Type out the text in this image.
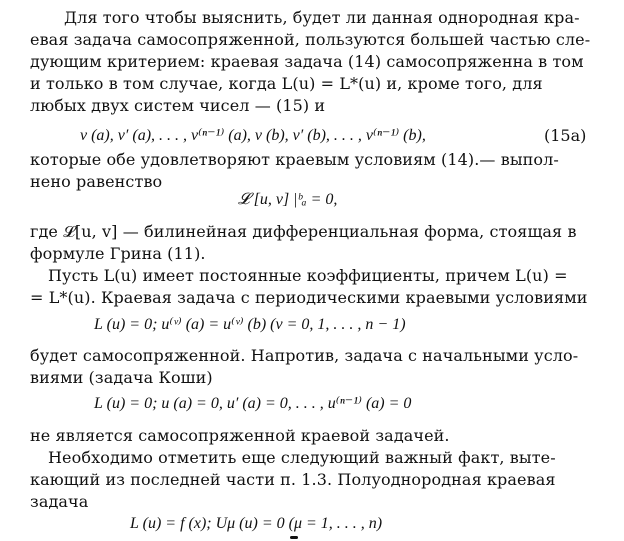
Для того чтобы выяснить, будет ли данная однородная кра-
евая задача самосопряженной, пользуются большей частью сле-
дующим критерием: краевая задача (14) самосопряженна в том
и только в том случае, когда L(u) = L*(u) и, кроме того, для
любых двух систем чисел — (15) и
v (a), v′ (a), . . . , v⁽ⁿ⁻¹⁾ (a), v (b), v′ (b), . . . , v⁽ⁿ⁻¹⁾ (b),	(15a)
которые обе удовлетворяют краевым условиям (14).— выпол-
нено равенство
𝓛 [u, v] |ᵇₐ = 0,
где 𝓛[u, v] — билинейная дифференциальная форма, стоящая в
формуле Грина (11).
Пусть L(u) имеет постоянные коэффициенты, причем L(u) =
= L*(u). Краевая задача с периодическими краевыми условиями
L (u) = 0; u⁽ᵛ⁾ (a) = u⁽ᵛ⁾ (b) (ν = 0, 1, . . . , n − 1)
будет самосопряженной. Напротив, задача с начальными усло-
виями (задача Коши)
L (u) = 0; u (a) = 0, u′ (a) = 0, . . . , u⁽ⁿ⁻¹⁾ (a) = 0
не является самосопряженной краевой задачей.
Необходимо отметить еще следующий важный факт, выте-
кающий из последней части п. 1.3. Полуоднородная краевая
задача
L (u) = f (x); Uμ (u) = 0 (μ = 1, . . . , n)
